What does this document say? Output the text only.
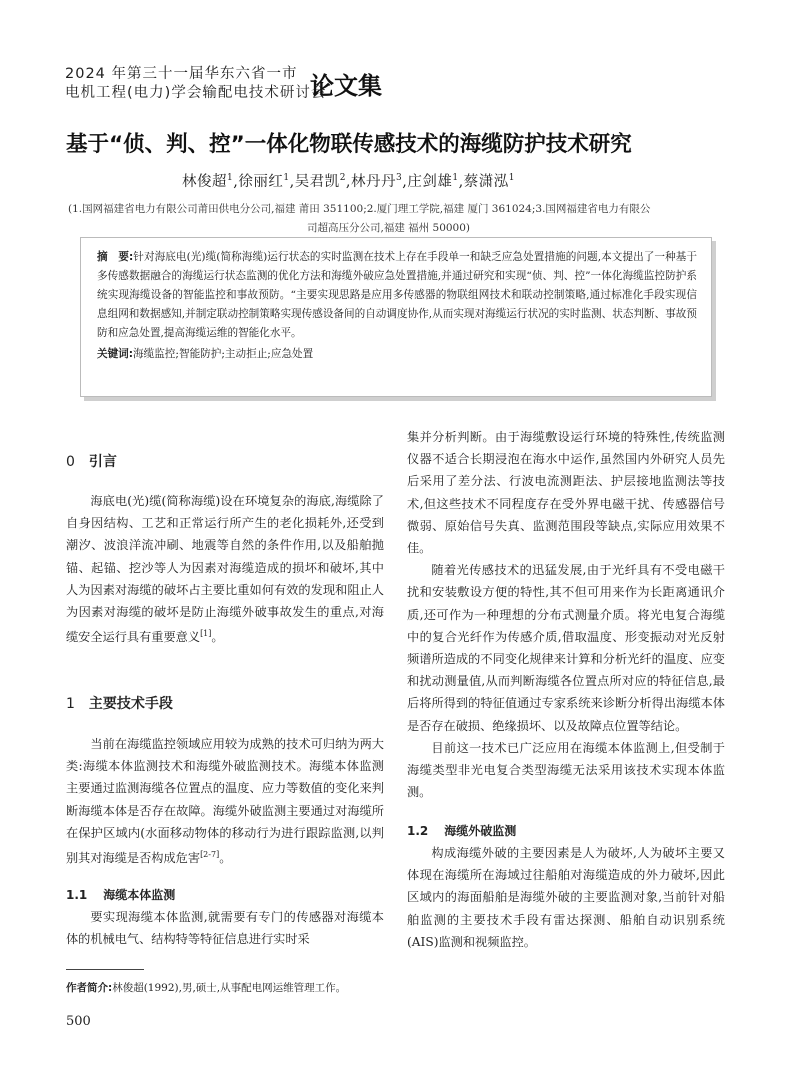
2024 年第三十一届华东六省一市
电机工程(电力)学会输配电技术研讨会
论文集
基于“侦、判、控”一体化物联传感技术的海缆防护技术研究
林俊超$^1$,徐丽红$^1$,吴君凯$^2$,林丹丹$^3$,庄剑雄$^1$,蔡潇泓$^1$
(1.国网福建省电力有限公司莆田供电分公司,福建 莆田 351100;2.厦门理工学院,福建 厦门 361024;3.国网福建省电力有限公
司超高压分公司,福建 福州 50000)

摘　要:针对海底电(光)缆(简称海缆)运行状态的实时监测在技术上存在手段单一和缺乏应急处置措施的问题,本文提出了一种基于多传感数据融合的海缆运行状态监测的优化方法和海缆外破应急处置措施,并通过研究和实现“侦、判、控”一体化海缆监控防护系统实现海缆设备的智能监控和事故预防。“主要实现思路是应用多传感器的物联组网技术和联动控制策略,通过标准化手段实现信息组网和数据感知,并制定联动控制策略实现传感设备间的自动调度协作,从而实现对海缆运行状况的实时监测、状态判断、事故预防和应急处置,提高海缆运维的智能化水平。

关键词:海缆监控;智能防护;主动拒止;应急处置
0 引言

海底电(光)缆(简称海缆)设在环境复杂的海底,海缆除了自身因结构、工艺和正常运行所产生的老化损耗外,还受到潮汐、波浪洋流冲刷、地震等自然的条件作用,以及船舶抛锚、起锚、挖沙等人为因素对海缆造成的损坏和破坏,其中人为因素对海缆的破坏占主要比重如何有效的发现和阻止人为因素对海缆的破坏是防止海缆外破事故发生的重点,对海缆安全运行具有重要意义[1]。

1 主要技术手段

当前在海缆监控领域应用较为成熟的技术可归纳为两大类:海缆本体监测技术和海缆外破监测技术。海缆本体监测主要通过监测海缆各位置点的温度、应力等数值的变化来判断海缆本体是否存在故障。海缆外破监测主要通过对海缆所在保护区域内(水面移动物体的移动行为进行跟踪监测,以判别其对海缆是否构成危害[2-7]。

1.1 海缆本体监测

要实现海缆本体监测,就需要有专门的传感器对海缆本体的机械电气、结构特等特征信息进行实时采

集并分析判断。由于海缆敷设运行环境的特殊性,传统监测仪器不适合长期浸泡在海水中运作,虽然国内外研究人员先后采用了差分法、行波电流测距法、护层接地监测法等技术,但这些技术不同程度存在受外界电磁干扰、传感器信号微弱、原始信号失真、监测范围段等缺点,实际应用效果不佳。

随着光传感技术的迅猛发展,由于光纤具有不受电磁干扰和安装敷设方便的特性,其不但可用来作为长距离通讯介质,还可作为一种理想的分布式测量介质。将光电复合海缆中的复合光纤作为传感介质,借取温度、形变振动对光反射频谱所造成的不同变化规律来计算和分析光纤的温度、应变和扰动测量值,从而判断海缆各位置点所对应的特征信息,最后将所得到的特征值通过专家系统来诊断分析得出海缆本体是否存在破损、绝缘损坏、以及故障点位置等结论。

目前这一技术已广泛应用在海缆本体监测上,但受制于海缆类型非光电复合类型海缆无法采用该技术实现本体监测。

1.2 海缆外破监测

构成海缆外破的主要因素是人为破坏,人为破坏主要又体现在海缆所在海域过往船舶对海缆造成的外力破坏,因此区域内的海面船舶是海缆外破的主要监测对象,当前针对船舶监测的主要技术手段有雷达探测、船舶自动识别系统(AIS)监测和视频监控。

作者简介:林俊超(1992),男,硕士,从事配电网运维管理工作。
500
